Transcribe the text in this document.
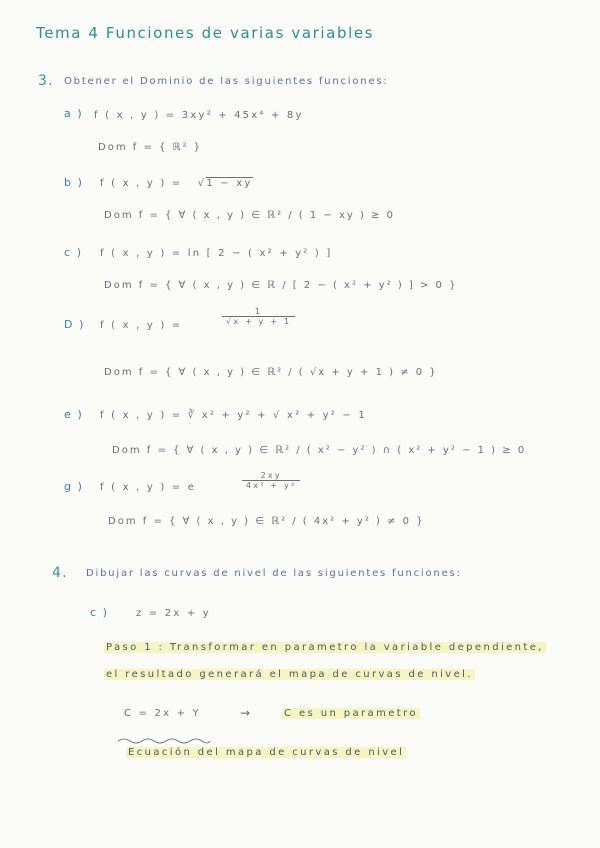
Tema 4 Funciones de varias variables
3. Obtener el Dominio de las siguientes funciones:
a ) f ( x , y ) = 3xy² + 45x⁴ + 8y
Dom f = { ℝ² }
b ) f ( x , y ) = √1 − xy
Dom f = { ∀ ( x , y ) ∈ ℝ² / ( 1 − xy ) ≥ 0
c ) f ( x , y ) = ln [ 2 − ( x² + y² ) ]
Dom f = { ∀ ( x , y ) ∈ ℝ / [ 2 − ( x² + y² ) ] > 0 }
D ) f ( x , y ) =	$\frac{1}{√x + y + 1}$
Dom f = { ∀ ( x , y ) ∈ ℝ² / ( √x + y + 1 ) ≠ 0 }
e ) f ( x , y ) = ∛ x² + y² + √ x² + y² − 1
Dom f = { ∀ ( x , y ) ∈ ℝ² / ( x² − y² ) ∩ ( x² + y² − 1 ) ≥ 0
g ) f ( x , y ) = e	$\frac{2xy}{\text{4x² + y²}}$
Dom f = { ∀ ( x , y ) ∈ ℝ² / ( 4x² + y² ) ≠ 0 }
4. Dibujar las curvas de nivel de las siguientes funciones:
c )	z = 2x + y
Paso 1 : Transformar en parametro la variable dependiente,
el resultado generará el mapa de curvas de nivel.
C = 2x + Y	→	C es un parametro
Ecuación del mapa de curvas de nivel
